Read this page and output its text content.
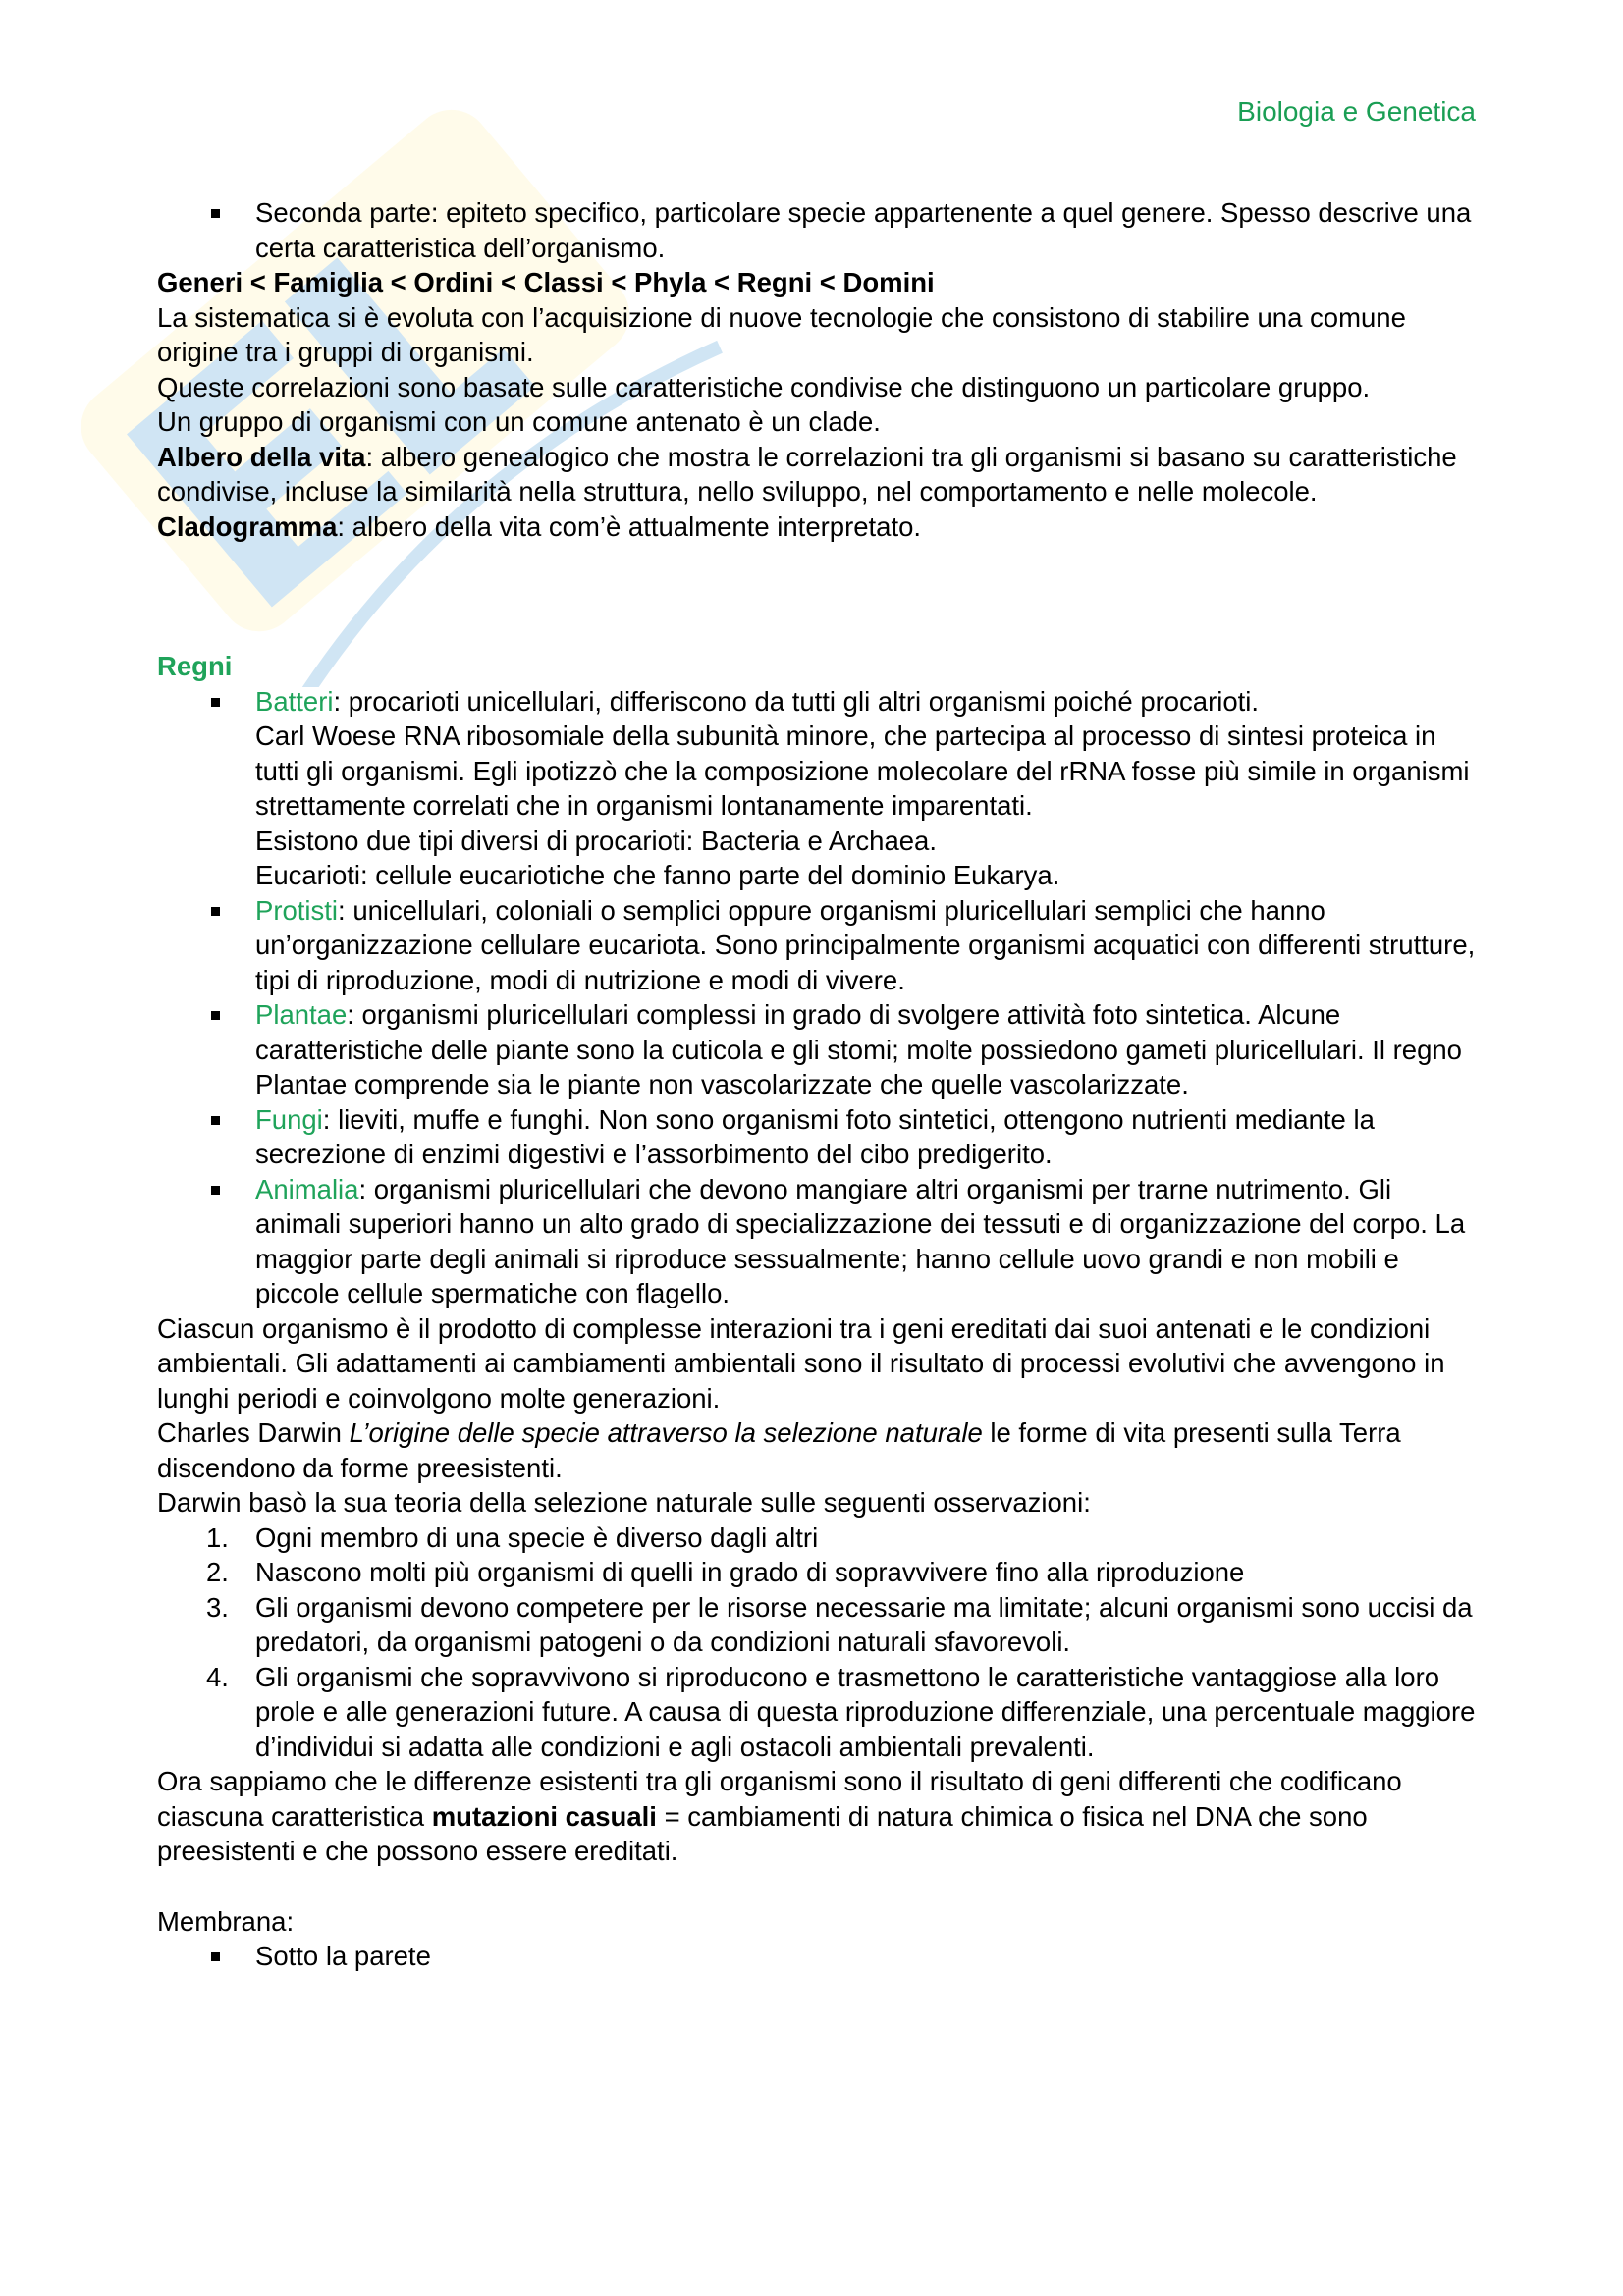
Biologia e Genetica
Seconda parte: epiteto specifico, particolare specie appartenente a quel genere. Spesso descrive una certa caratteristica dell’organismo.

Generi < Famiglia < Ordini < Classi < Phyla < Regni < Domini

La sistematica si è evoluta con l’acquisizione di nuove tecnologie che consistono di stabilire una comune origine tra i gruppi di organismi.

Queste correlazioni sono basate sulle caratteristiche condivise che distinguono un particolare gruppo.

Un gruppo di organismi con un comune antenato è un clade.

Albero della vita: albero genealogico che mostra le correlazioni tra gli organismi si basano su caratteristiche condivise, incluse la similarità nella struttura, nello sviluppo, nel comportamento e nelle molecole.

Cladogramma: albero della vita com’è attualmente interpretato.

Regni

Batteri: procarioti unicellulari, differiscono da tutti gli altri organismi poiché procarioti.
Carl Woese RNA ribosomiale della subunità minore, che partecipa al processo di sintesi proteica in tutti gli organismi. Egli ipotizzò che la composizione molecolare del rRNA fosse più simile in organismi strettamente correlati che in organismi lontanamente imparentati.
Esistono due tipi diversi di procarioti: Bacteria e Archaea.
Eucarioti: cellule eucariotiche che fanno parte del dominio Eukarya.
Protisti: unicellulari, coloniali o semplici oppure organismi pluricellulari semplici che hanno un’organizzazione cellulare eucariota. Sono principalmente organismi acquatici con differenti strutture, tipi di riproduzione, modi di nutrizione e modi di vivere.
Plantae: organismi pluricellulari complessi in grado di svolgere attività foto sintetica. Alcune caratteristiche delle piante sono la cuticola e gli stomi; molte possiedono gameti pluricellulari. Il regno Plantae comprende sia le piante non vascolarizzate che quelle vascolarizzate.
Fungi: lieviti, muffe e funghi. Non sono organismi foto sintetici, ottengono nutrienti mediante la secrezione di enzimi digestivi e l’assorbimento del cibo predigerito.
Animalia: organismi pluricellulari che devono mangiare altri organismi per trarne nutrimento. Gli animali superiori hanno un alto grado di specializzazione dei tessuti e di organizzazione del corpo. La maggior parte degli animali si riproduce sessualmente; hanno cellule uovo grandi e non mobili e piccole cellule spermatiche con flagello.

Ciascun organismo è il prodotto di complesse interazioni tra i geni ereditati dai suoi antenati e le condizioni ambientali. Gli adattamenti ai cambiamenti ambientali sono il risultato di processi evolutivi che avvengono in lunghi periodi e coinvolgono molte generazioni.

Charles Darwin L’origine delle specie attraverso la selezione naturale le forme di vita presenti sulla Terra discendono da forme preesistenti.

Darwin basò la sua teoria della selezione naturale sulle seguenti osservazioni:

1. Ogni membro di una specie è diverso dagli altri
2. Nascono molti più organismi di quelli in grado di sopravvivere fino alla riproduzione
3. Gli organismi devono competere per le risorse necessarie ma limitate; alcuni organismi sono uccisi da predatori, da organismi patogeni o da condizioni naturali sfavorevoli.
4. Gli organismi che sopravvivono si riproducono e trasmettono le caratteristiche vantaggiose alla loro prole e alle generazioni future. A causa di questa riproduzione differenziale, una percentuale maggiore d’individui si adatta alle condizioni e agli ostacoli ambientali prevalenti.

Ora sappiamo che le differenze esistenti tra gli organismi sono il risultato di geni differenti che codificano ciascuna caratteristica mutazioni casuali = cambiamenti di natura chimica o fisica nel DNA che sono preesistenti e che possono essere ereditati.

Membrana:

Sotto la parete
